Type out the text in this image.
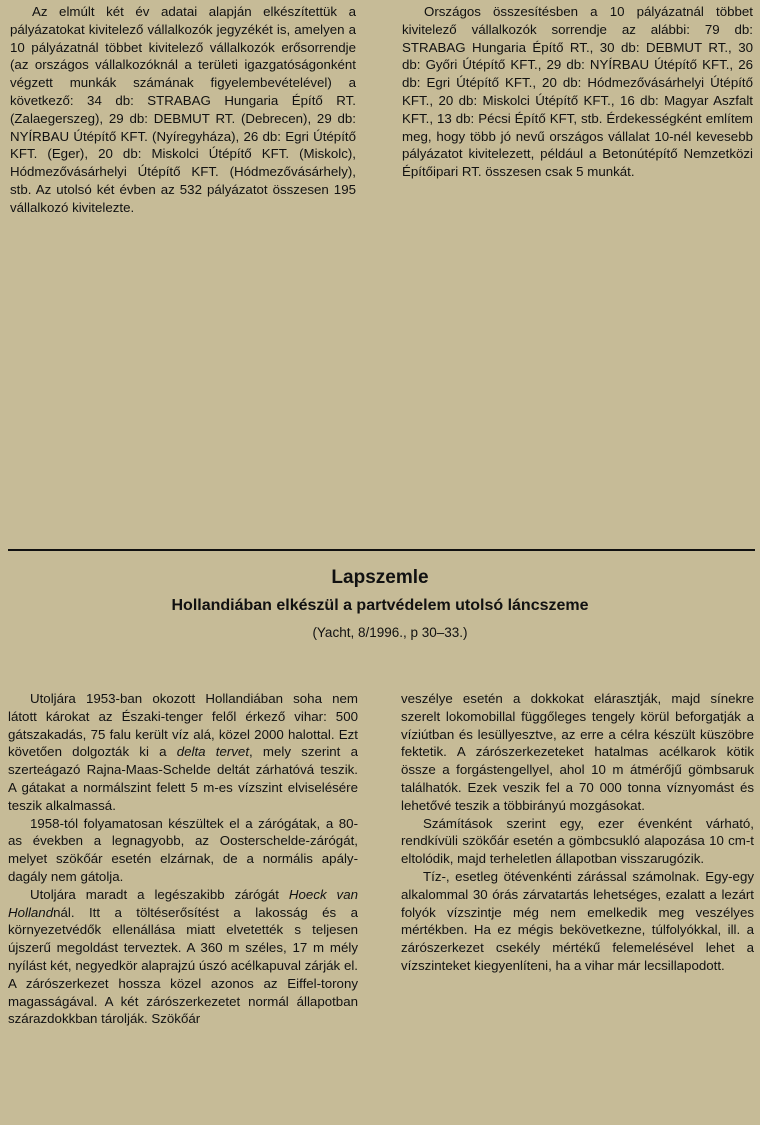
Az elmúlt két év adatai alapján elkészítettük a pályázatokat kivitelező vállalkozók jegyzékét is, amelyen a 10 pályázatnál többet kivitelező vállalkozók erősorrendje (az országos vállalkozóknál a területi igazgatóságonként végzett munkák számának figyelembevételével) a következő: 34 db: STRABAG Hungaria Építő RT. (Zalaegerszeg), 29 db: DEBMUT RT. (Debrecen), 29 db: NYÍRBAU Útépítő KFT. (Nyíregyháza), 26 db: Egri Útépítő KFT. (Eger), 20 db: Miskolci Útépítő KFT. (Miskolc), Hódmezővásárhelyi Útépítő KFT. (Hódmezővásárhely), stb. Az utolsó két évben az 532 pályázatot összesen 195 vállalkozó kivitelezte.

Országos összesítésben a 10 pályázatnál többet kivitelező vállalkozók sorrendje az alábbi: 79 db: STRABAG Hungaria Építő RT., 30 db: DEBMUT RT., 30 db: Győri Útépítő KFT., 29 db: NYÍRBAU Útépítő KFT., 26 db: Egri Útépítő KFT., 20 db: Hódmezővásárhelyi Útépítő KFT., 20 db: Miskolci Útépítő KFT., 16 db: Magyar Aszfalt KFT., 13 db: Pécsi Építő KFT, stb. Érdekességként említem meg, hogy több jó nevű országos vállalat 10-nél kevesebb pályázatot kivitelezett, például a Betonútépítő Nemzetközi Építőipari RT. összesen csak 5 munkát.

Lapszemle
Hollandiában elkészül a partvédelem utolsó láncszeme
(Yacht, 8/1996., p 30–33.)

Utoljára 1953-ban okozott Hollandiában soha nem látott károkat az Északi-tenger felől érkező vihar: 500 gátszakadás, 75 falu került víz alá, közel 2000 halottal. Ezt követően dolgozták ki a delta tervet, mely szerint a szerteágazó Rajna-Maas-Schelde deltát zárhatóvá teszik. A gátakat a normálszint felett 5 m-es vízszint elviselésére teszik alkalmassá.

1958-tól folyamatosan készültek el a zárógátak, a 80-as években a legnagyobb, az Oosterschelde-zárógát, melyet szökőár esetén elzárnak, de a normális apály-dagály nem gátolja.

Utoljára maradt a legészakibb zárógát Hoeck van Hollandnál. Itt a töltéserősítést a lakosság és a környezetvédők ellenállása miatt elvetették s teljesen újszerű megoldást terveztek. A 360 m széles, 17 m mély nyílást két, negyedkör alaprajzú úszó acélkapuval zárják el. A zárószerkezet hossza közel azonos az Eiffel-torony magasságával. A két zárószerkezetet normál állapotban szárazdokkban tárolják. Szökőár

veszélye esetén a dokkokat elárasztják, majd sínekre szerelt lokomobillal függőleges tengely körül beforgatják a víziútban és lesüllyesztve, az erre a célra készült küszöbre fektetik. A zárószerkezeteket hatalmas acélkarok kötik össze a forgástengellyel, ahol 10 m átmérőjű gömbsaruk találhatók. Ezek veszik fel a 70 000 tonna víznyomást és lehetővé teszik a többirányú mozgásokat.

Számítások szerint egy, ezer évenként várható, rendkívüli szökőár esetén a gömbcsukló alapozása 10 cm-t eltolódik, majd terheletlen állapotban visszarugózik.

Tíz-, esetleg ötévenkénti zárással számolnak. Egy-egy alkalommal 30 órás zárvatartás lehetséges, ezalatt a lezárt folyók vízszintje még nem emelkedik meg veszélyes mértékben. Ha ez mégis bekövetkezne, túlfolyókkal, ill. a zárószerkezet csekély mértékű felemelésével lehet a vízszinteket kiegyenlíteni, ha a vihar már lecsillapodott.
